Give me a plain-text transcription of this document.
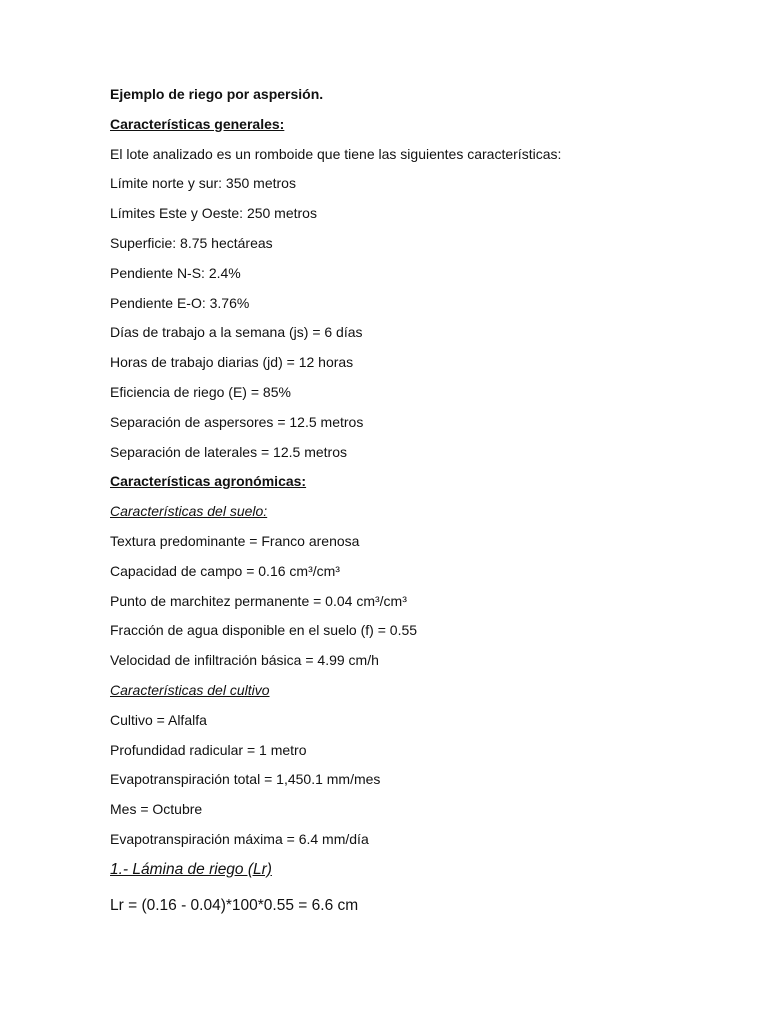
Ejemplo de riego por aspersión.
Características generales:
El lote analizado es un romboide que tiene las siguientes características:
Límite norte y sur: 350 metros
Límites Este y Oeste: 250 metros
Superficie: 8.75 hectáreas
Pendiente N-S: 2.4%
Pendiente E-O: 3.76%
Días de trabajo a la semana (js) = 6 días
Horas de trabajo diarias (jd) = 12 horas
Eficiencia de riego (E) = 85%
Separación de aspersores = 12.5 metros
Separación de laterales = 12.5 metros
Características agronómicas:
Características del suelo:
Textura predominante = Franco arenosa
Capacidad de campo = 0.16 cm³/cm³
Punto de marchitez permanente = 0.04 cm³/cm³
Fracción de agua disponible en el suelo (f) = 0.55
Velocidad de infiltración básica = 4.99 cm/h
Características del cultivo
Cultivo = Alfalfa
Profundidad radicular = 1 metro
Evapotranspiración total = 1,450.1 mm/mes
Mes = Octubre
Evapotranspiración máxima = 6.4 mm/día
1.- Lámina de riego (Lr)
Lr = (0.16 - 0.04)*100*0.55 = 6.6 cm
